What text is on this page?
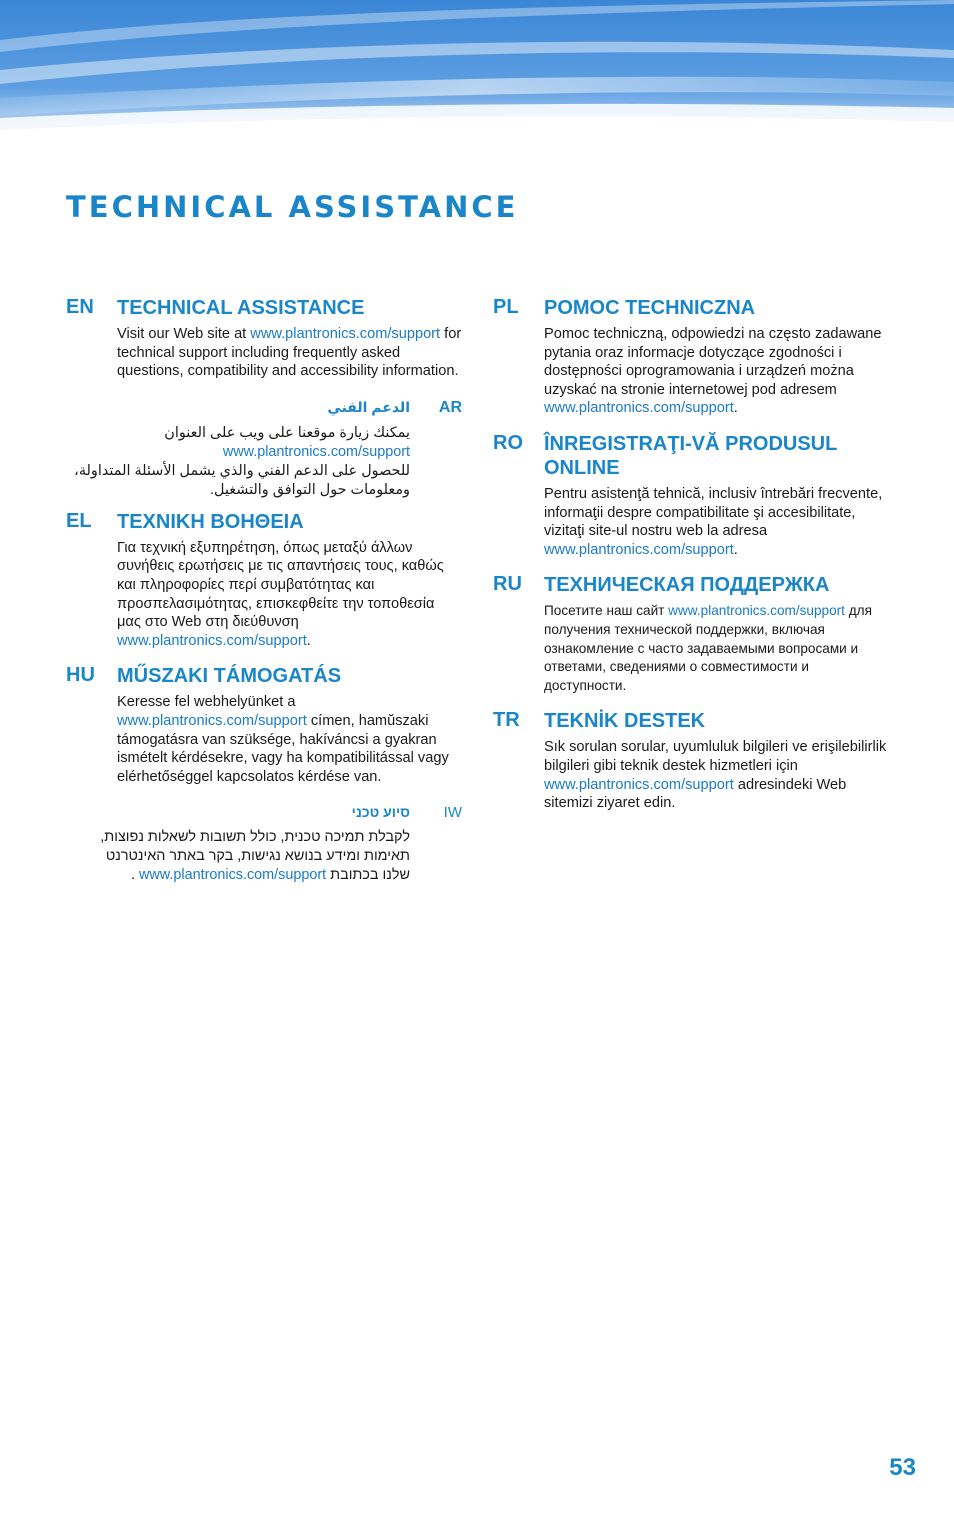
TECHNICAL ASSISTANCE
EN TECHNICAL ASSISTANCE
Visit our Web site at www.plantronics.com/support for technical support including frequently asked questions, compatibility and accessibility information.
AR
الدعم الفني
يمكنك زيارة موقعنا على ويب على العنوان
www.plantronics.com/support
للحصول على الدعم الفني والذي يشمل الأسئلة المتداولة،
ومعلومات حول التوافق والتشغيل.
EL ΤΕΧΝΙΚΗ ΒΟΗΘΕΙΑ
Για τεχνική εξυπηρέτηση, όπως μεταξύ άλλων συνήθεις ερωτήσεις με τις απαντήσεις τους, καθώς και πληροφορίες περί συμβατότητας και προσπελασιμότητας, επισκεφθείτε την τοποθεσία μας στο Web στη διεύθυνση www.plantronics.com/support.
HU MŰSZAKI TÁMOGATÁS
Keresse fel webhelyünket a www.plantronics.com/support címen, hamŭszaki támogatásra van szüksége, hakíváncsi a gyakran ismételt kérdésekre, vagy ha kompatibilitással vagy elérhetőséggel kapcsolatos kérdése van.
IW
סיוע טכני
לקבלת תמיכה טכנית, כולל תשובות לשאלות נפוצות,
תאימות ומידע בנושא נגישות, בקר באתר האינטרנט
שלנו בכתובת www.plantronics.com/support .
PL POMOC TECHNICZNA
Pomoc techniczną, odpowiedzi na często zadawane pytania oraz informacje dotyczące zgodności i dostępności oprogramowania i urządzeń można uzyskać na stronie internetowej pod adresem www.plantronics.com/support.
RO ÎNREGISTRAŢI-VĂ PRODUSUL ONLINE
Pentru asistenţă tehnică, inclusiv întrebări frecvente, informaţii despre compatibilitate şi accesibilitate, vizitaţi site-ul nostru web la adresa www.plantronics.com/support.
RU ТЕХНИЧЕСКАЯ ПОДДЕРЖКА
Посетите наш сайт www.plantronics.com/support для получения технической поддержки, включая ознакомление с часто задаваемыми вопросами и ответами, сведениями о совместимости и доступности.
TR TEKNİK DESTEK
Sık sorulan sorular, uyumluluk bilgileri ve erişilebilirlik bilgileri gibi teknik destek hizmetleri için www.plantronics.com/support adresindeki Web sitemizi ziyaret edin.
53
